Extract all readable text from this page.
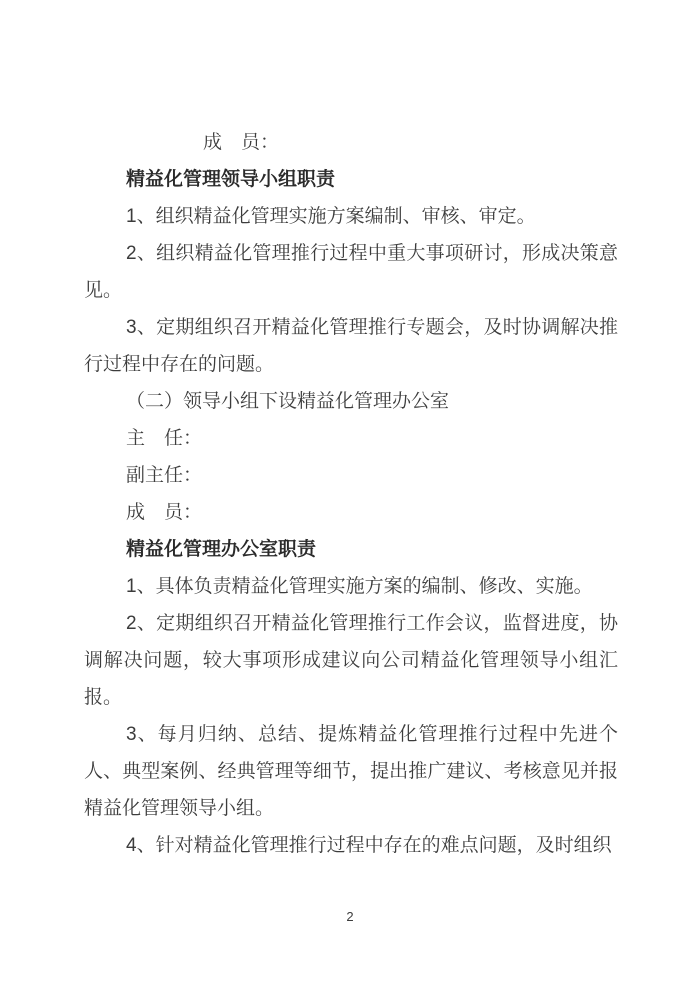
成　员：

精益化管理领导小组职责

1、组织精益化管理实施方案编制、审核、审定。

2、组织精益化管理推行过程中重大事项研讨，形成决策意见。

3、定期组织召开精益化管理推行专题会，及时协调解决推行过程中存在的问题。

（二）领导小组下设精益化管理办公室

主　任：

副主任：

成　员：

精益化管理办公室职责

1、具体负责精益化管理实施方案的编制、修改、实施。

2、定期组织召开精益化管理推行工作会议，监督进度，协调解决问题，较大事项形成建议向公司精益化管理领导小组汇报。

3、每月归纳、总结、提炼精益化管理推行过程中先进个人、典型案例、经典管理等细节，提出推广建议、考核意见并报精益化管理领导小组。

4、针对精益化管理推行过程中存在的难点问题，及时组织

2
